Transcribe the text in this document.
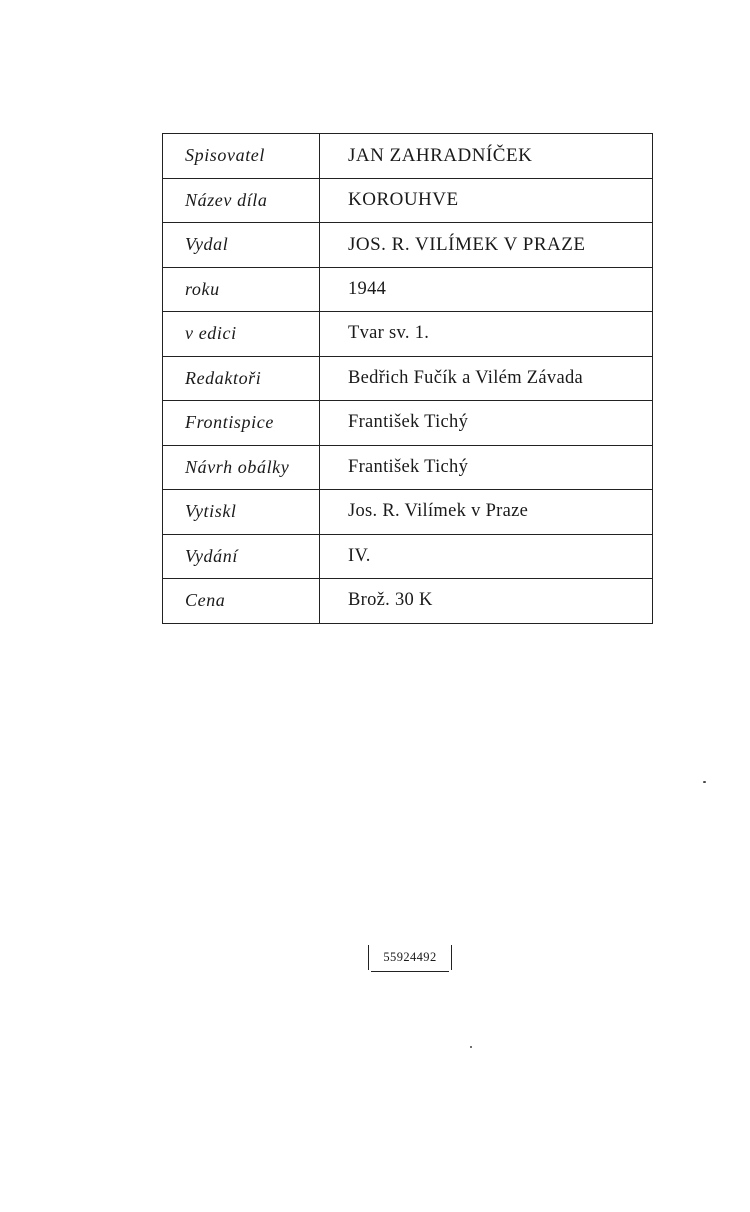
Spisovatel	JAN ZAHRADNÍČEK
Název díla	KOROUHVE
Vydal	JOS. R. VILÍMEK V PRAZE
roku	1944
v edici	Tvar sv. 1.
Redaktoři	Bedřich Fučík a Vilém Závada
Frontispice	František Tichý
Návrh obálky	František Tichý
Vytiskl	Jos. R. Vilímek v Praze
Vydání	IV.
Cena	Brož. 30 K
55924492
